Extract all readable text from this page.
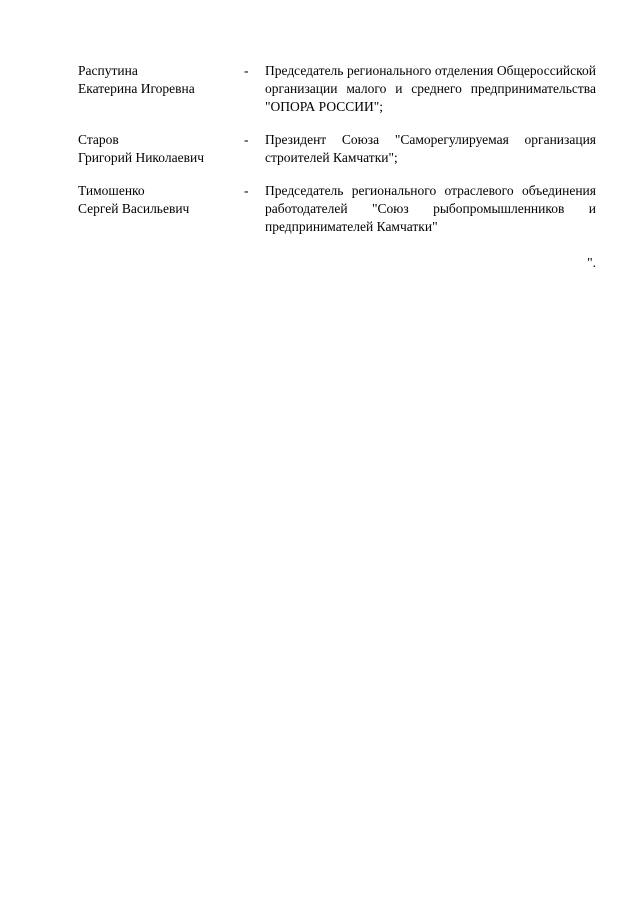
Распутина
Екатерина Игоревна
-	Председатель регионального отделения Общероссийской организации малого и среднего предпринимательства "ОПОРА РОССИИ";
Старов
Григорий Николаевич
-	Президент Союза "Саморегулируемая организация строителей Камчатки";
Тимошенко
Сергей Васильевич
-	Председатель регионального отраслевого объединения работодателей "Союз рыбопромышленников и предпринимателей Камчатки"
".
